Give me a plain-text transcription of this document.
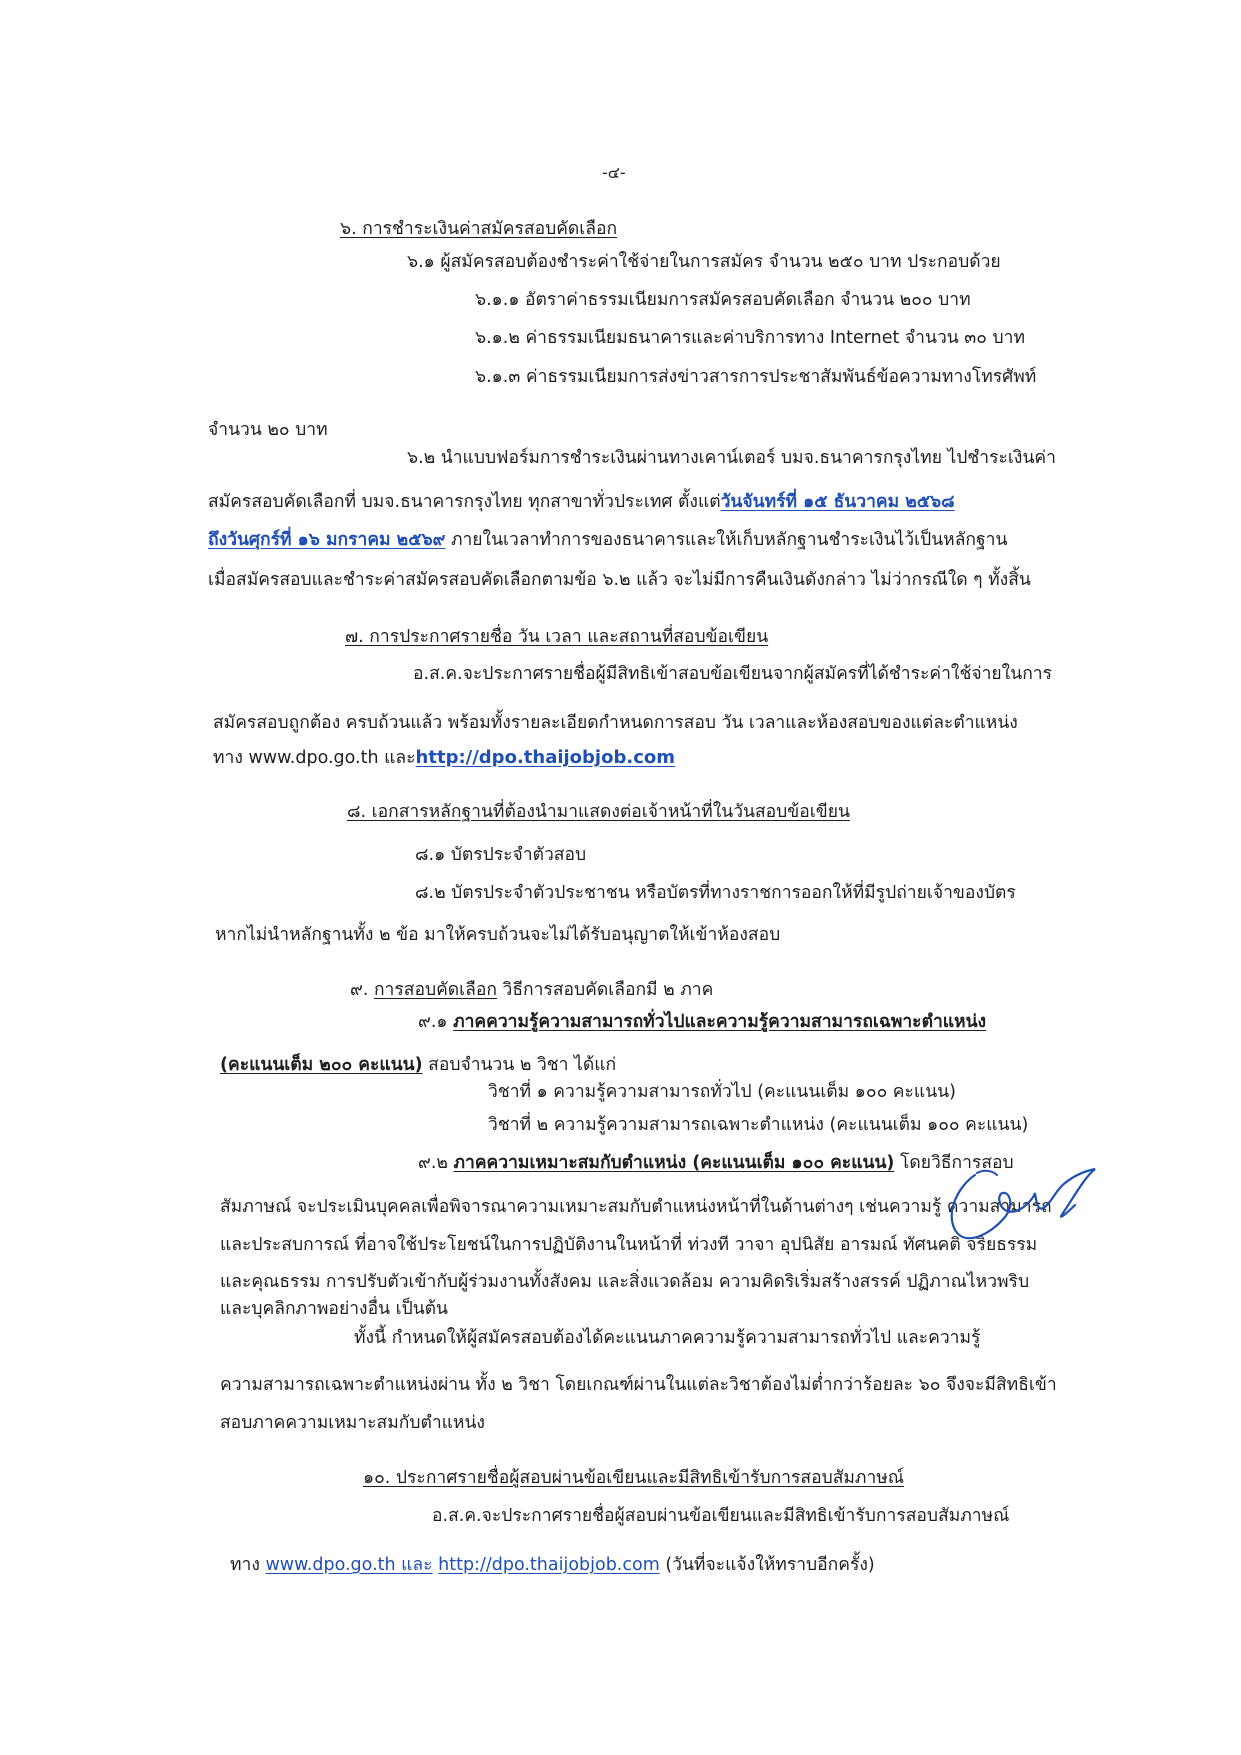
-๔-
๖. การชำระเงินค่าสมัครสอบคัดเลือก
๖.๑ ผู้สมัครสอบต้องชำระค่าใช้จ่ายในการสมัคร จำนวน ๒๕๐ บาท ประกอบด้วย
๖.๑.๑ อัตราค่าธรรมเนียมการสมัครสอบคัดเลือก จำนวน ๒๐๐ บาท
๖.๑.๒ ค่าธรรมเนียมธนาคารและค่าบริการทาง Internet จำนวน ๓๐ บาท
๖.๑.๓ ค่าธรรมเนียมการส่งข่าวสารการประชาสัมพันธ์ข้อความทางโทรศัพท์
จำนวน ๒๐ บาท
๖.๒ นำแบบฟอร์มการชำระเงินผ่านทางเคาน์เตอร์ บมจ.ธนาคารกรุงไทย ไปชำระเงินค่า
สมัครสอบคัดเลือกที่ บมจ.ธนาคารกรุงไทย ทุกสาขาทั่วประเทศ ตั้งแต่วันจันทร์ที่ ๑๕ ธันวาคม ๒๕๖๘
ถึงวันศุกร์ที่ ๑๖ มกราคม ๒๕๖๙ ภายในเวลาทำการของธนาคารและให้เก็บหลักฐานชำระเงินไว้เป็นหลักฐาน
เมื่อสมัครสอบและชำระค่าสมัครสอบคัดเลือกตามข้อ ๖.๒ แล้ว จะไม่มีการคืนเงินดังกล่าว ไม่ว่ากรณีใด ๆ ทั้งสิ้น
๗. การประกาศรายชื่อ วัน เวลา และสถานที่สอบข้อเขียน
อ.ส.ค.จะประกาศรายชื่อผู้มีสิทธิเข้าสอบข้อเขียนจากผู้สมัครที่ได้ชำระค่าใช้จ่ายในการ
สมัครสอบถูกต้อง ครบถ้วนแล้ว พร้อมทั้งรายละเอียดกำหนดการสอบ วัน เวลาและห้องสอบของแต่ละตำแหน่ง
ทาง www.dpo.go.th และhttp://dpo.thaijobjob.com
๘. เอกสารหลักฐานที่ต้องนำมาแสดงต่อเจ้าหน้าที่ในวันสอบข้อเขียน
๘.๑ บัตรประจำตัวสอบ
๘.๒ บัตรประจำตัวประชาชน หรือบัตรที่ทางราชการออกให้ที่มีรูปถ่ายเจ้าของบัตร
หากไม่นำหลักฐานทั้ง ๒ ข้อ มาให้ครบถ้วนจะไม่ได้รับอนุญาตให้เข้าห้องสอบ
๙. การสอบคัดเลือก วิธีการสอบคัดเลือกมี ๒ ภาค
๙.๑ ภาคความรู้ความสามารถทั่วไปและความรู้ความสามารถเฉพาะตำแหน่ง
(คะแนนเต็ม ๒๐๐ คะแนน) สอบจำนวน ๒ วิชา ได้แก่
วิชาที่ ๑ ความรู้ความสามารถทั่วไป (คะแนนเต็ม ๑๐๐ คะแนน)
วิชาที่ ๒ ความรู้ความสามารถเฉพาะตำแหน่ง (คะแนนเต็ม ๑๐๐ คะแนน)
๙.๒ ภาคความเหมาะสมกับตำแหน่ง (คะแนนเต็ม ๑๐๐ คะแนน) โดยวิธีการสอบ
สัมภาษณ์ จะประเมินบุคคลเพื่อพิจารณาความเหมาะสมกับตำแหน่งหน้าที่ในด้านต่างๆ เช่นความรู้ ความสามารถ
และประสบการณ์ ที่อาจใช้ประโยชน์ในการปฏิบัติงานในหน้าที่ ท่วงที วาจา อุปนิสัย อารมณ์ ทัศนคติ จริยธรรม
และคุณธรรม การปรับตัวเข้ากับผู้ร่วมงานทั้งสังคม และสิ่งแวดล้อม ความคิดริเริ่มสร้างสรรค์ ปฏิภาณไหวพริบ
และบุคลิกภาพอย่างอื่น เป็นต้น
ทั้งนี้ กำหนดให้ผู้สมัครสอบต้องได้คะแนนภาคความรู้ความสามารถทั่วไป และความรู้
ความสามารถเฉพาะตำแหน่งผ่าน ทั้ง ๒ วิชา โดยเกณฑ์ผ่านในแต่ละวิชาต้องไม่ต่ำกว่าร้อยละ ๖๐ จึงจะมีสิทธิเข้า
สอบภาคความเหมาะสมกับตำแหน่ง
๑๐. ประกาศรายชื่อผู้สอบผ่านข้อเขียนและมีสิทธิเข้ารับการสอบสัมภาษณ์
อ.ส.ค.จะประกาศรายชื่อผู้สอบผ่านข้อเขียนและมีสิทธิเข้ารับการสอบสัมภาษณ์
ทาง www.dpo.go.th และ http://dpo.thaijobjob.com (วันที่จะแจ้งให้ทราบอีกครั้ง)
